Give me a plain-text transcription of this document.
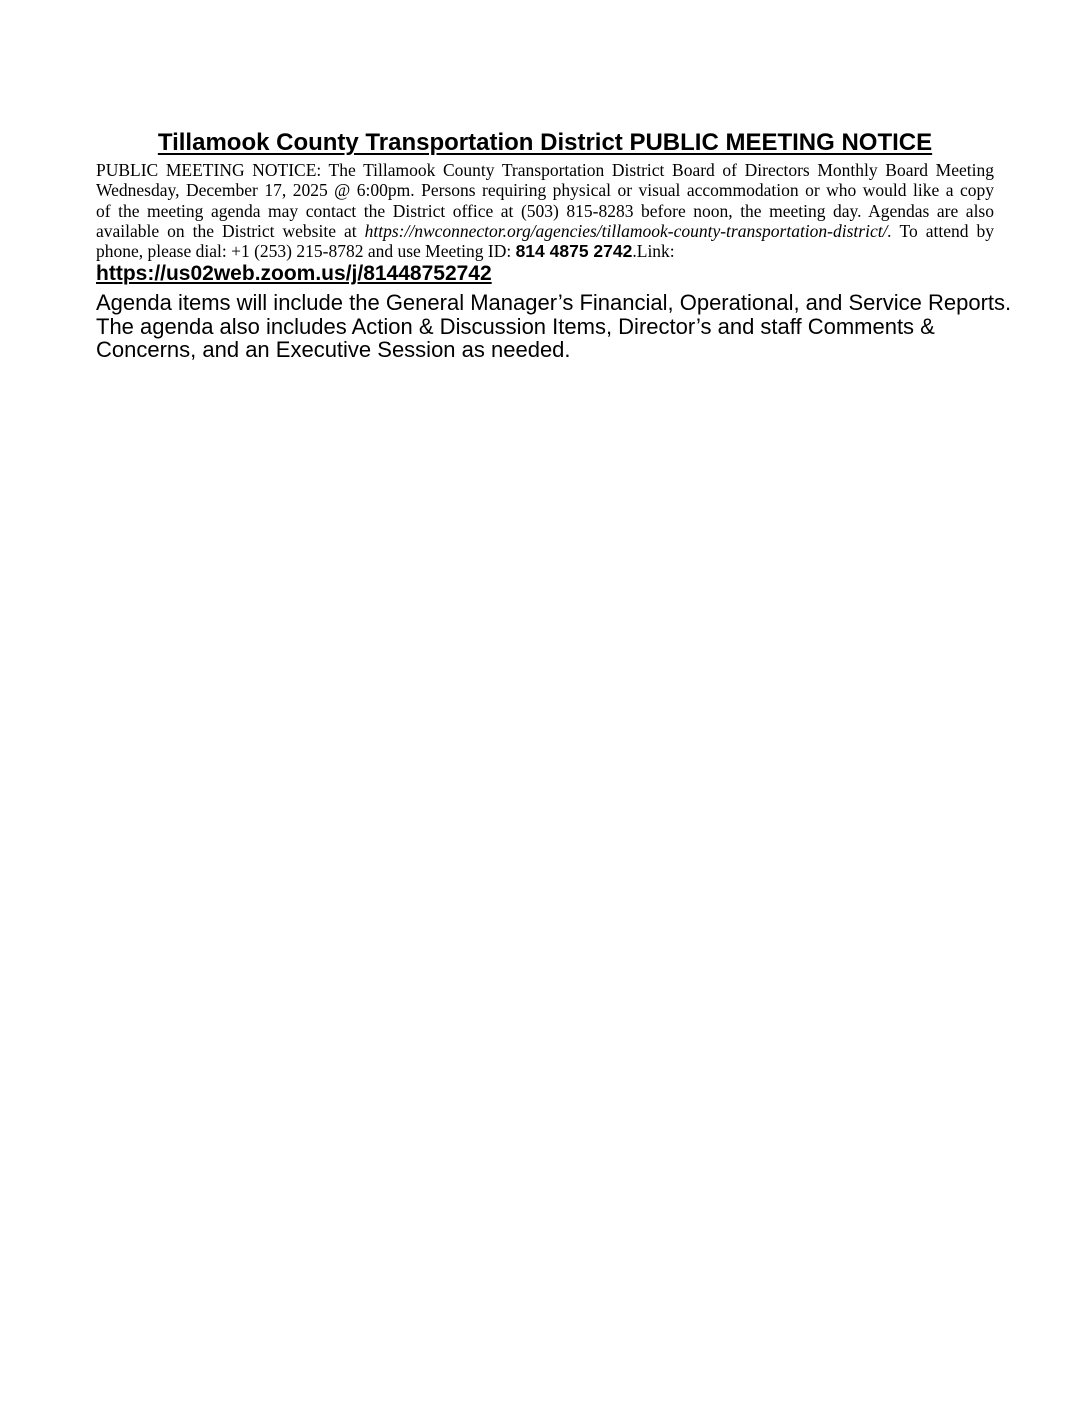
Tillamook County Transportation District PUBLIC MEETING NOTICE
PUBLIC MEETING NOTICE: The Tillamook County Transportation District Board of Directors Monthly Board Meeting
Wednesday, December 17, 2025 @ 6:00pm. Persons requiring physical or visual accommodation or who would like a copy
of the meeting agenda may contact the District office at (503) 815-8283 before noon, the meeting day. Agendas are also
available on the District website at https://nwconnector.org/agencies/tillamook-county-transportation-district/. To attend by
phone, please dial: +1 (253) 215-8782 and use Meeting ID: 814 4875 2742.Link:
https://us02web.zoom.us/j/81448752742
Agenda items will include the General Manager’s Financial, Operational, and Service Reports.
The agenda also includes Action & Discussion Items, Director’s and staff Comments &
Concerns, and an Executive Session as needed.
